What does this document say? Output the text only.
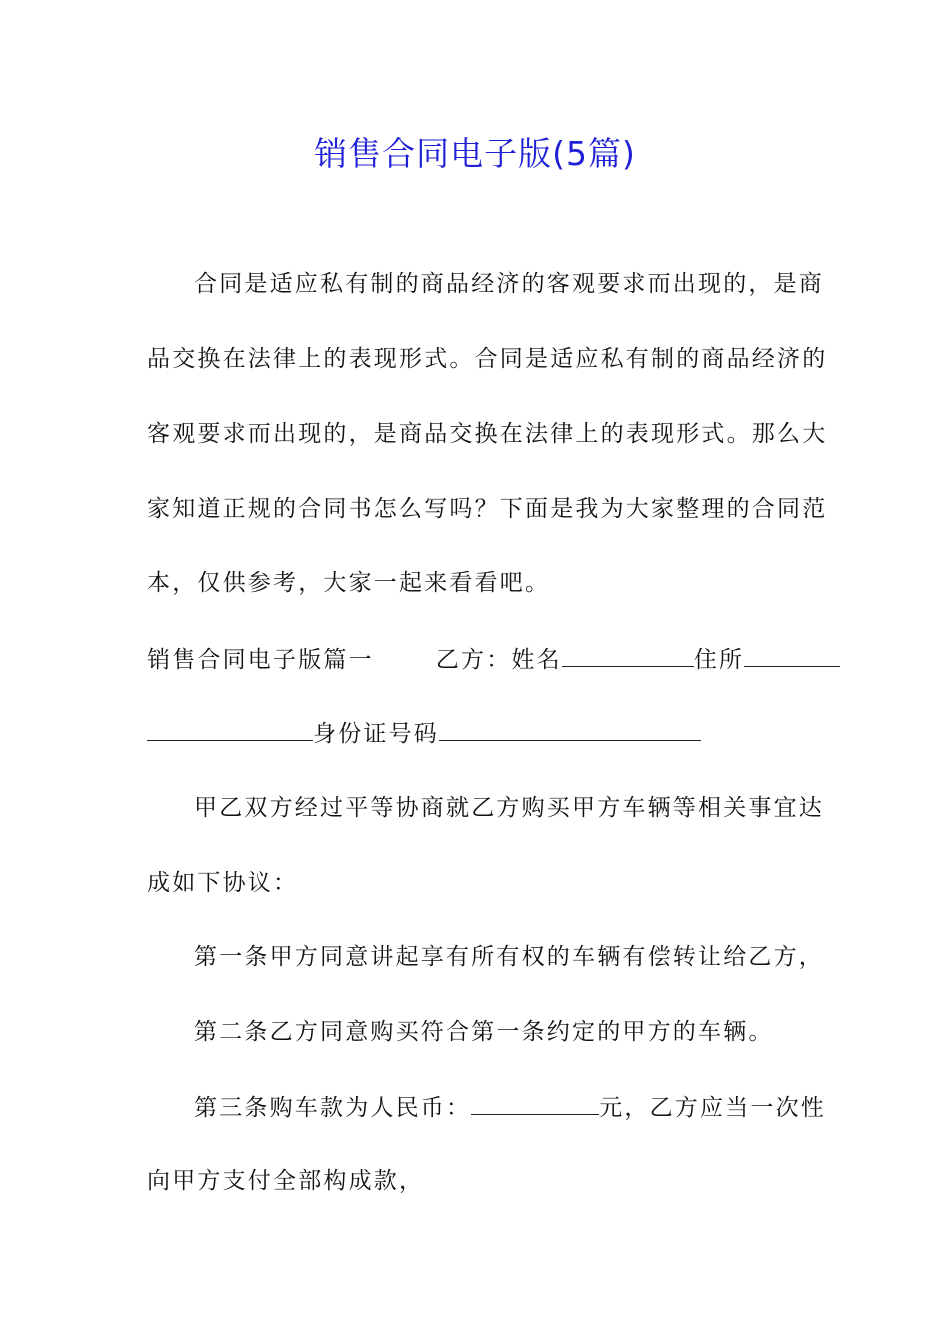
销售合同电子版(5篇)
合同是适应私有制的商品经济的客观要求而出现的，是商
品交换在法律上的表现形式。合同是适应私有制的商品经济的
客观要求而出现的，是商品交换在法律上的表现形式。那么大
家知道正规的合同书怎么写吗？下面是我为大家整理的合同范
本，仅供参考，大家一起来看看吧。
销售合同电子版篇一	乙方：姓名	住所
身份证号码
甲乙双方经过平等协商就乙方购买甲方车辆等相关事宜达
成如下协议：
第一条甲方同意讲起享有所有权的车辆有偿转让给乙方，
第二条乙方同意购买符合第一条约定的甲方的车辆。
第三条购车款为人民币：	元，乙方应当一次性
向甲方支付全部构成款，
